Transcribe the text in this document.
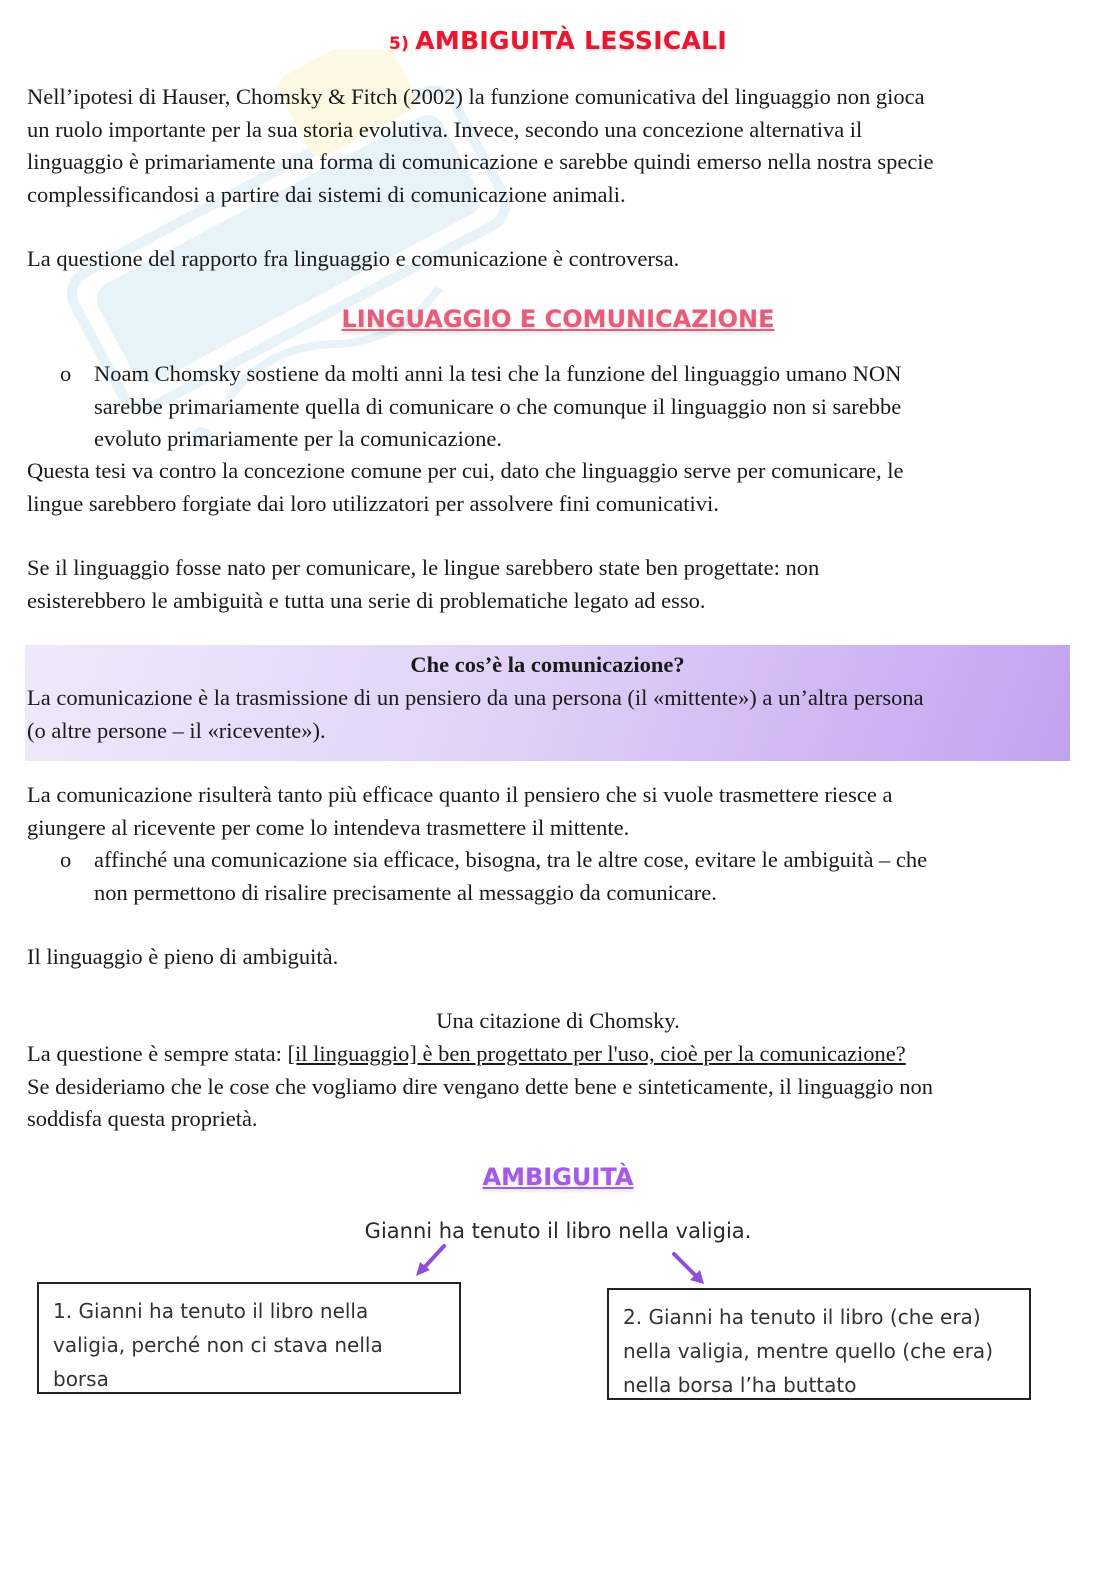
5) AMBIGUITÀ LESSICALI
Nell’ipotesi di Hauser, Chomsky & Fitch (2002) la funzione comunicativa del linguaggio non gioca
un ruolo importante per la sua storia evolutiva. Invece, secondo una concezione alternativa il
linguaggio è primariamente una forma di comunicazione e sarebbe quindi emerso nella nostra specie
complessificandosi a partire dai sistemi di comunicazione animali.
La questione del rapporto fra linguaggio e comunicazione è controversa.
LINGUAGGIO E COMUNICAZIONE
o	Noam Chomsky sostiene da molti anni la tesi che la funzione del linguaggio umano NON
sarebbe primariamente quella di comunicare o che comunque il linguaggio non si sarebbe
evoluto primariamente per la comunicazione.
Questa tesi va contro la concezione comune per cui, dato che linguaggio serve per comunicare, le
lingue sarebbero forgiate dai loro utilizzatori per assolvere fini comunicativi.
Se il linguaggio fosse nato per comunicare, le lingue sarebbero state ben progettate: non
esisterebbero le ambiguità e tutta una serie di problematiche legato ad esso.
Che cos’è la comunicazione?
La comunicazione è la trasmissione di un pensiero da una persona (il «mittente») a un’altra persona
(o altre persone – il «ricevente»).
La comunicazione risulterà tanto più efficace quanto il pensiero che si vuole trasmettere riesce a
giungere al ricevente per come lo intendeva trasmettere il mittente.
o	affinché una comunicazione sia efficace, bisogna, tra le altre cose, evitare le ambiguità – che
non permettono di risalire precisamente al messaggio da comunicare.
Il linguaggio è pieno di ambiguità.
Una citazione di Chomsky.
La questione è sempre stata: [il linguaggio] è ben progettato per l'uso, cioè per la comunicazione?
Se desideriamo che le cose che vogliamo dire vengano dette bene e sinteticamente, il linguaggio non
soddisfa questa proprietà.
AMBIGUITÀ
Gianni ha tenuto il libro nella valigia.
1. Gianni ha tenuto il libro nella
valigia, perché non ci stava nella
borsa
2. Gianni ha tenuto il libro (che era)
nella valigia, mentre quello (che era)
nella borsa l’ha buttato
